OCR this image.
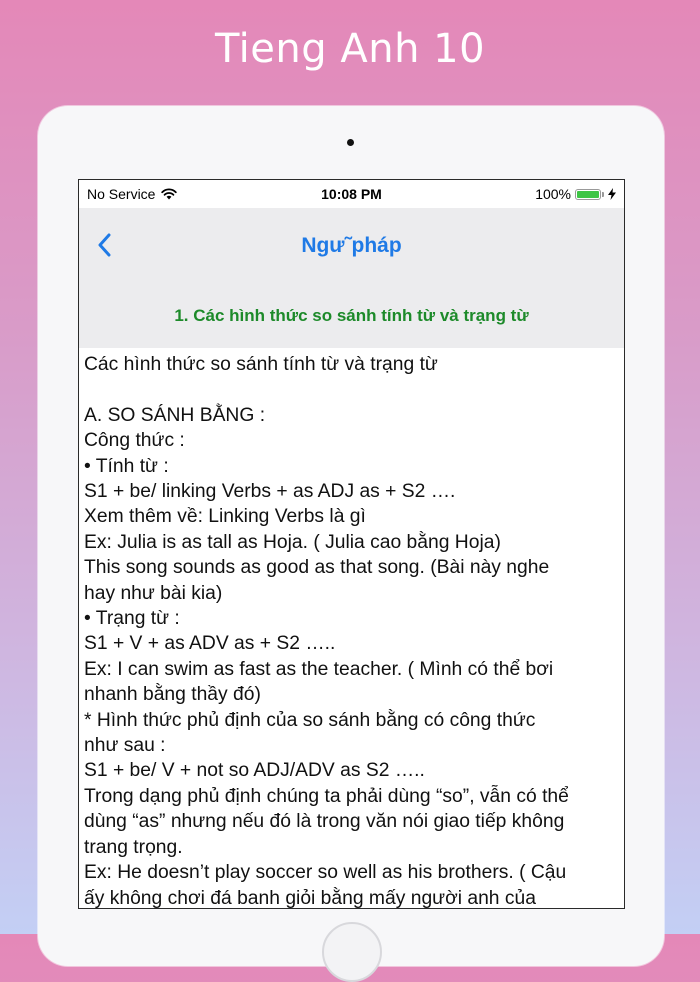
Tieng Anh 10
No Service	10:08 PM	100%
Ngư˜pháp
1. Các hình thức so sánh tính từ và trạng từ

Các hình thức so sánh tính từ và trạng từ

A. SO SÁNH BẰNG :

Công thức :

• Tính từ :

S1 + be/ linking Verbs + as ADJ as + S2 ….

Xem thêm về: Linking Verbs là gì

Ex: Julia is as tall as Hoja. ( Julia cao bằng Hoja)

This song sounds as good as that song. (Bài này nghe

hay như bài kia)

• Trạng từ :

S1 + V + as ADV as + S2 …..

Ex: I can swim as fast as the teacher. ( Mình có thể bơi

nhanh bằng thầy đó)

* Hình thức phủ định của so sánh bằng có công thức

như sau :

S1 + be/ V + not so ADJ/ADV as S2 …..

Trong dạng phủ định chúng ta phải dùng “so”, vẫn có thể

dùng “as” nhưng nếu đó là trong văn nói giao tiếp không

trang trọng.

Ex: He doesn’t play soccer so well as his brothers. ( Cậu

ấy không chơi đá banh giỏi bằng mấy người anh của
